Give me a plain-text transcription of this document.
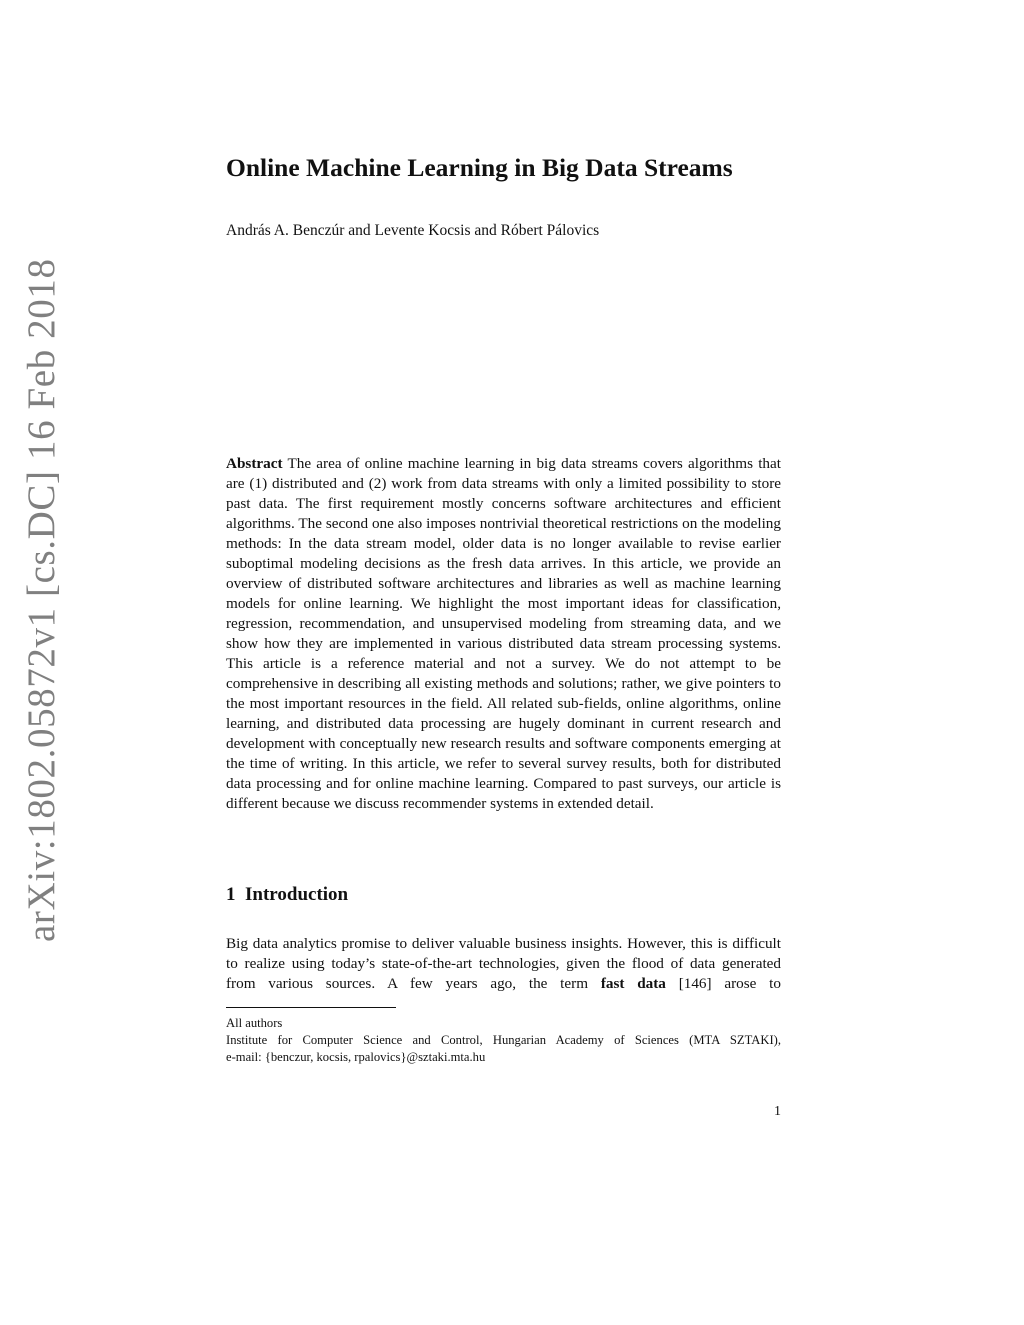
arXiv:1802.05872v1 [cs.DC] 16 Feb 2018
Online Machine Learning in Big Data Streams
András A. Benczúr and Levente Kocsis and Róbert Pálovics

Abstract The area of online machine learning in big data streams covers algorithms that are (1) distributed and (2) work from data streams with only a limited possibility to store past data. The first requirement mostly concerns software architectures and efficient algorithms. The second one also imposes nontrivial theoretical restrictions on the modeling methods: In the data stream model, older data is no longer available to revise earlier suboptimal modeling decisions as the fresh data arrives. In this article, we provide an overview of distributed software architectures and libraries as well as machine learning models for online learning. We highlight the most important ideas for classification, regression, recommendation, and unsupervised modeling from streaming data, and we show how they are implemented in various distributed data stream processing systems. This article is a reference material and not a survey. We do not attempt to be comprehensive in describing all existing methods and solutions; rather, we give pointers to the most important resources in the field. All related sub-fields, online algorithms, online learning, and distributed data processing are hugely dominant in current research and development with conceptually new research results and software components emerging at the time of writing. In this article, we refer to several survey results, both for distributed data processing and for online machine learning. Compared to past surveys, our article is different because we discuss recommender systems in extended detail.

1 Introduction

Big data analytics promise to deliver valuable business insights. However, this is difficult to realize using today’s state-of-the-art technologies, given the flood of data generated from various sources. A few years ago, the term fast data [146] arose to

All authors
Institute for Computer Science and Control, Hungarian Academy of Sciences (MTA SZTAKI),
e-mail: {benczur, kocsis, rpalovics}@sztaki.mta.hu
1
